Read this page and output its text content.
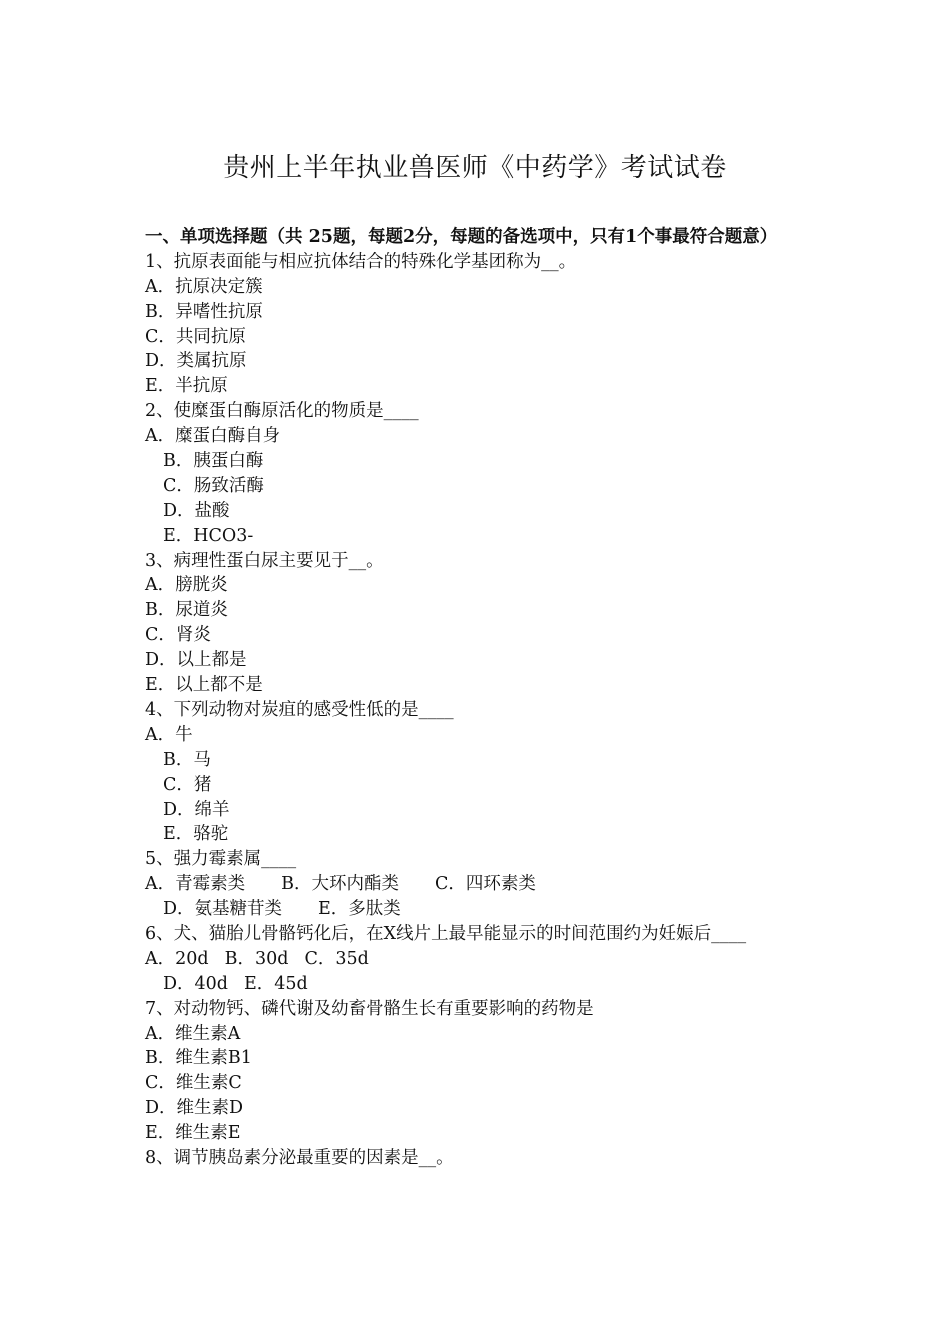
贵州上半年执业兽医师《中药学》考试试卷
一、单项选择题（共 25题，每题2分，每题的备选项中，只有1个事最符合题意）
1、抗原表面能与相应抗体结合的特殊化学基团称为__。
A．抗原决定簇
B．异嗜性抗原
C．共同抗原
D．类属抗原
E．半抗原
2、使糜蛋白酶原活化的物质是____
A．糜蛋白酶自身
B．胰蛋白酶
C．肠致活酶
D．盐酸
E．HCO3-
3、病理性蛋白尿主要见于__。
A．膀胱炎
B．尿道炎
C．肾炎
D．以上都是
E．以上都不是
4、下列动物对炭疽的感受性低的是____
A．牛
B．马
C．猪
D．绵羊
E．骆驼
5、强力霉素属____
A．青霉素类 B．大环内酯类 C．四环素类
D．氨基糖苷类 E．多肽类
6、犬、猫胎儿骨骼钙化后，在X线片上最早能显示的时间范围约为妊娠后____
A．20d B．30d C．35d
D．40d E．45d
7、对动物钙、磷代谢及幼畜骨骼生长有重要影响的药物是
A．维生素A
B．维生素B1
C．维生素C
D．维生素D
E．维生素E
8、调节胰岛素分泌最重要的因素是__。
